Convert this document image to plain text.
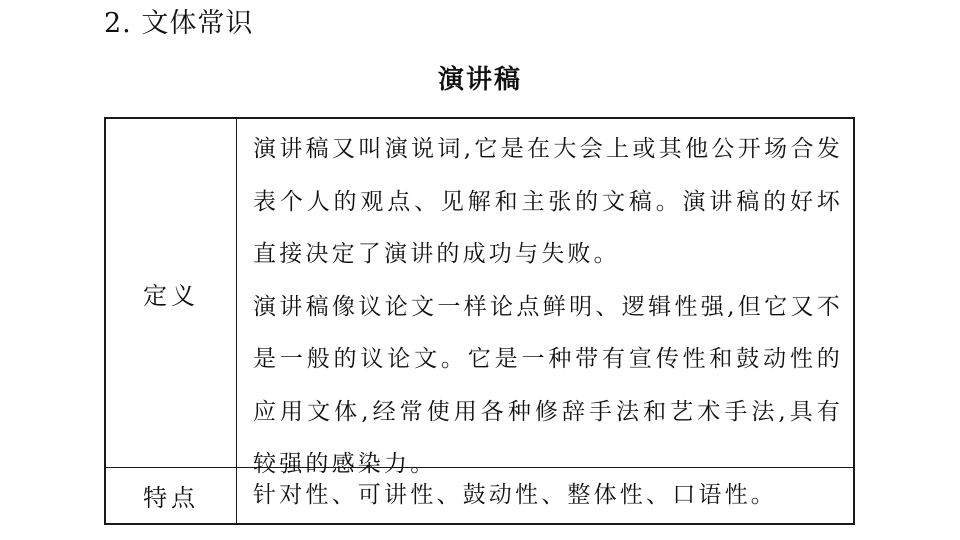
2. 文体常识
演讲稿
定义

演讲稿又叫演说词,它是在大会上或其他公开场合发表个人的观点、见解和主张的文稿。演讲稿的好坏直接决定了演讲的成功与失败。

演讲稿像议论文一样论点鲜明、逻辑性强,但它又不是一般的议论文。它是一种带有宣传性和鼓动性的应用文体,经常使用各种修辞手法和艺术手法,具有较强的感染力。

特点	针对性、可讲性、鼓动性、整体性、口语性。
